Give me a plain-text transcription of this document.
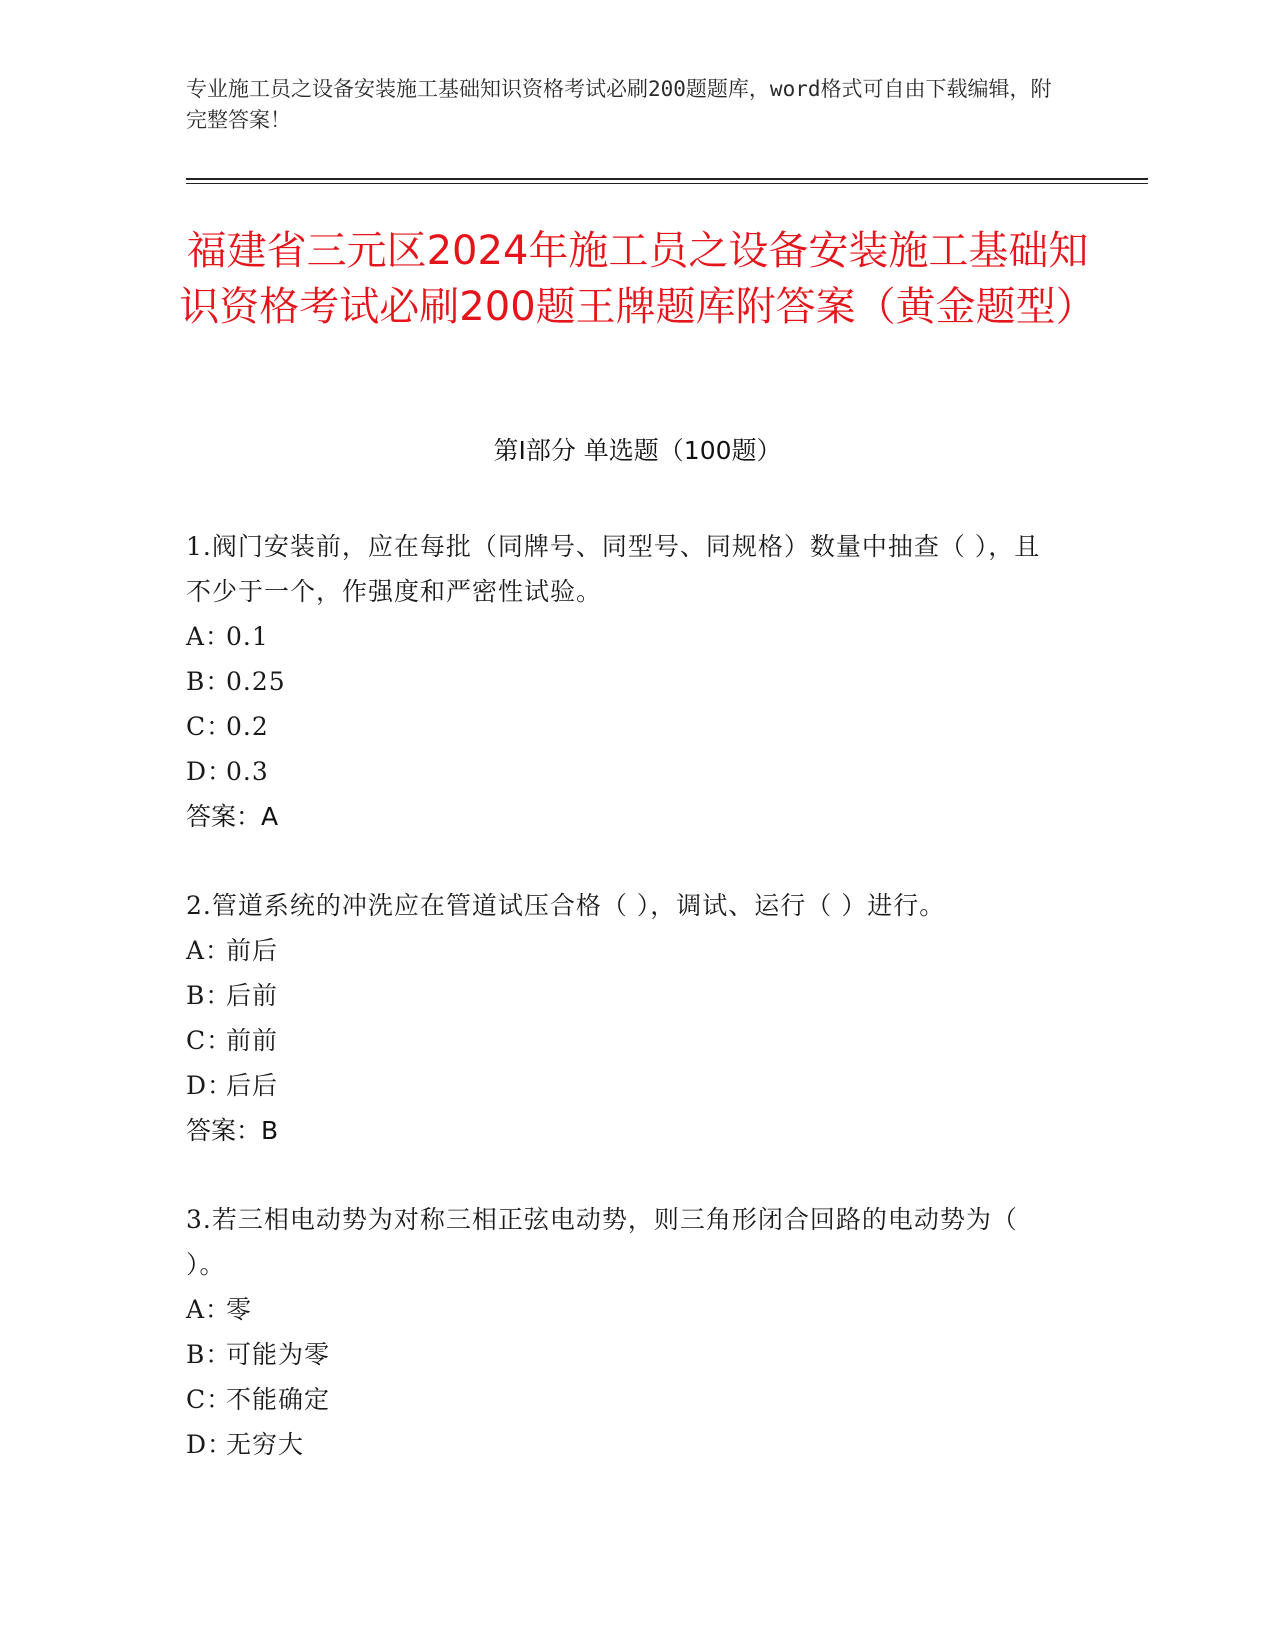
专业施工员之设备安装施工基础知识资格考试必刷200题题库，word格式可自由下载编辑，附完整答案！
福建省三元区2024年施工员之设备安装施工基础知识资格考试必刷200题王牌题库附答案（黄金题型）
第I部分 单选题（100题）

1.阀门安装前，应在每批（同牌号、同型号、同规格）数量中抽查（ ），且不少于一个，作强度和严密性试验。

A：0.1
B：0.25
C：0.2
D：0.3
答案：A

2.管道系统的冲洗应在管道试压合格（ ），调试、运行（ ）进行。

A：前后
B：后前
C：前前
D：后后
答案：B

3.若三相电动势为对称三相正弦电动势，则三角形闭合回路的电动势为（ ）。

A：零
B：可能为零
C：不能确定
D：无穷大
